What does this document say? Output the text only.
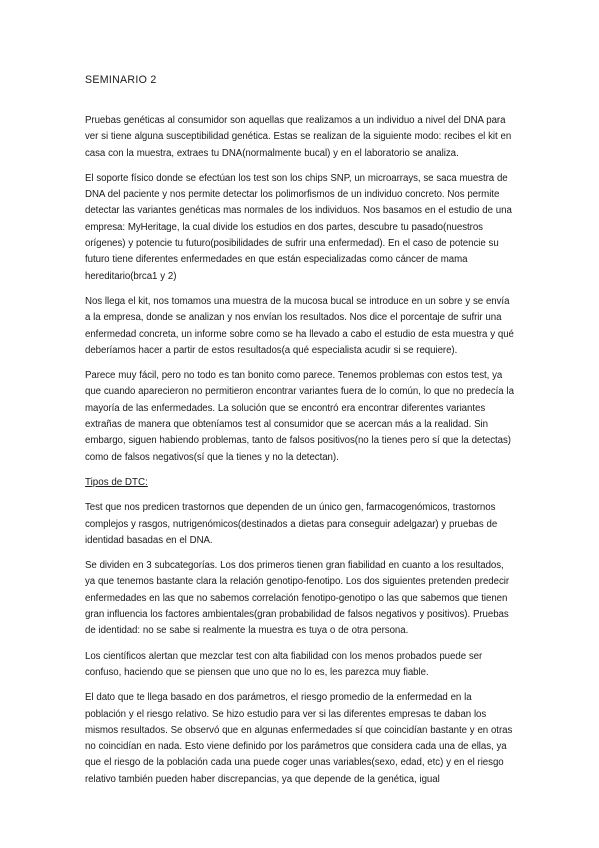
SEMINARIO 2

Pruebas genéticas al consumidor son aquellas que realizamos a un individuo a nivel del DNA para ver si tiene alguna susceptibilidad genética. Estas se realizan de la siguiente modo: recibes el kit en casa con la muestra, extraes tu DNA(normalmente bucal) y en el laboratorio se analiza.

El soporte físico donde se efectúan los test son los chips SNP, un microarrays, se saca muestra de DNA del paciente y nos permite detectar los polimorfismos de un individuo concreto. Nos permite detectar las variantes genéticas mas normales de los individuos. Nos basamos en el estudio de una empresa: MyHeritage, la cual divide los estudios en dos partes, descubre tu pasado(nuestros orígenes) y potencie tu futuro(posibilidades de sufrir una enfermedad). En el caso de potencie su futuro tiene diferentes enfermedades en que están especializadas como cáncer de mama hereditario(brca1 y 2)

Nos llega el kit, nos tomamos una muestra de la mucosa bucal se introduce en un sobre y se envía a la empresa, donde se analizan y nos envían los resultados. Nos dice el porcentaje de sufrir una enfermedad concreta, un informe sobre como se ha llevado a cabo el estudio de esta muestra y qué deberíamos hacer a partir de estos resultados(a qué especialista acudir si se requiere).

Parece muy fácil, pero no todo es tan bonito como parece. Tenemos problemas con estos test, ya que cuando aparecieron no permitieron encontrar variantes fuera de lo común, lo que no predecía la mayoría de las enfermedades. La solución que se encontró era encontrar diferentes variantes extrañas de manera que obteníamos test al consumidor que se acercan más a la realidad. Sin embargo, siguen habiendo problemas, tanto de falsos positivos(no la tienes pero sí que la detectas) como de falsos negativos(sí que la tienes y no la detectan).

Tipos de DTC:

Test que nos predicen trastornos que dependen de un único gen, farmacogenómicos, trastornos complejos y rasgos, nutrigenómicos(destinados a dietas para conseguir adelgazar) y pruebas de identidad basadas en el DNA.

Se dividen en 3 subcategorías. Los dos primeros tienen gran fiabilidad en cuanto a los resultados, ya que tenemos bastante clara la relación genotipo-fenotipo. Los dos siguientes pretenden predecir enfermedades en las que no sabemos correlación fenotipo-genotipo o las que sabemos que tienen gran influencia los factores ambientales(gran probabilidad de falsos negativos y positivos). Pruebas de identidad: no se sabe si realmente la muestra es tuya o de otra persona.

Los científicos alertan que mezclar test con alta fiabilidad con los menos probados puede ser confuso, haciendo que se piensen que uno que no lo es, les parezca muy fiable.

El dato que te llega basado en dos parámetros, el riesgo promedio de la enfermedad en la población y el riesgo relativo. Se hizo estudio para ver si las diferentes empresas te daban los mismos resultados. Se observó que en algunas enfermedades sí que coincidían bastante y en otras no coincidían en nada. Esto viene definido por los parámetros que considera cada una de ellas, ya que el riesgo de la población cada una puede coger unas variables(sexo, edad, etc) y en el riesgo relativo también pueden haber discrepancias, ya que depende de la genética, igual
